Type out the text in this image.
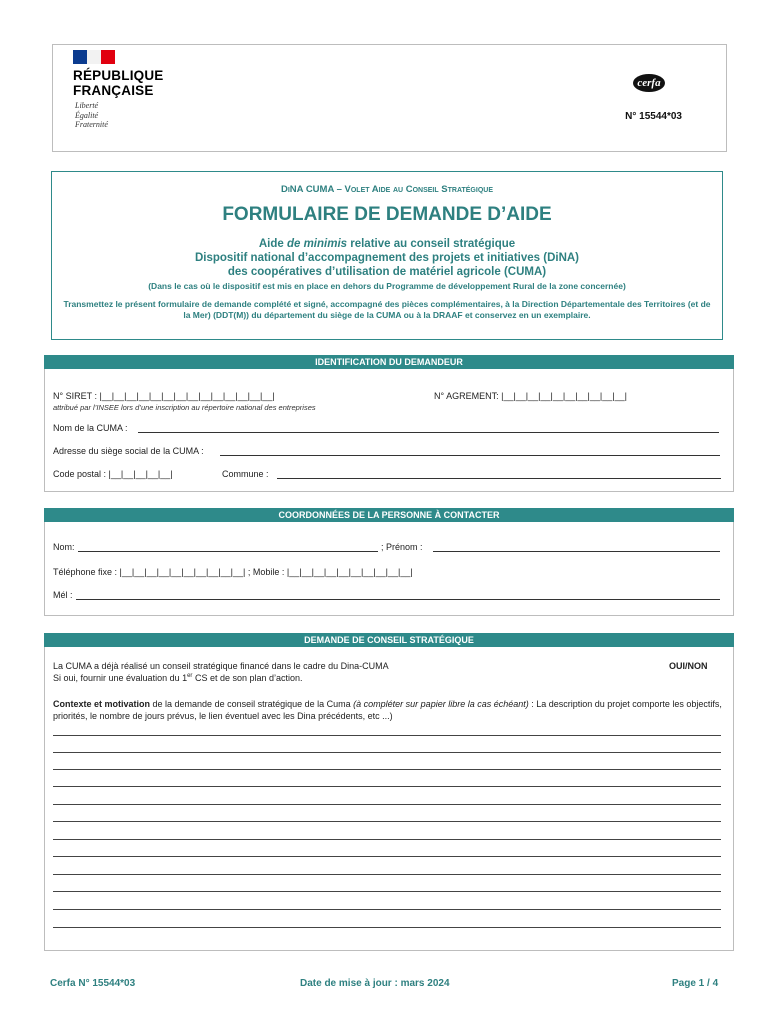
RÉPUBLIQUE
FRANÇAISE
Liberté
Égalité
Fraternité
cerfa
N° 15544*03
DiNA CUMA – Volet Aide au Conseil Stratégique
FORMULAIRE DE DEMANDE D’AIDE
Aide de minimis relative au conseil stratégique
Dispositif national d’accompagnement des projets et initiatives (DiNA)
des coopératives d’utilisation de matériel agricole (CUMA)
(Dans le cas où le dispositif est mis en place en dehors du Programme de développement Rural de la zone concernée)
Transmettez le présent formulaire de demande complété et signé, accompagné des pièces complémentaires, à la Direction Départementale des Territoires (et de la Mer) (DDT(M)) du département du siège de la CUMA ou à la DRAAF et conservez en un exemplaire.
IDENTIFICATION DU DEMANDEUR
N° SIRET : |__|__|__|__|__|__|__|__|__|__|__|__|__|__|
attribué par l’INSEE lors d’une inscription au répertoire national des entreprises
N° AGREMENT: |__|__|__|__|__|__|__|__|__|__|
Nom de la CUMA :
Adresse du siège social de la CUMA :
Code postal : |__|__|__|__|__|	Commune :
COORDONNÉES DE LA PERSONNE À CONTACTER
Nom:	; Prénom :
Téléphone fixe : |__|__|__|__|__|__|__|__|__|__| ; Mobile : |__|__|__|__|__|__|__|__|__|__|
Mél :
DEMANDE DE CONSEIL STRATÉGIQUE
La CUMA a déjà réalisé un conseil stratégique financé dans le cadre du Dina-CUMA
Si oui, fournir une évaluation du 1er CS et de son plan d’action.
OUI/NON
Contexte et motivation de la demande de conseil stratégique de la Cuma (à compléter sur papier libre la cas échéant) : La description du projet comporte les objectifs, priorités, le nombre de jours prévus, le lien éventuel avec les Dina précédents, etc ...)
Cerfa N° 15544*03	Date de mise à jour : mars 2024	Page 1 / 4
